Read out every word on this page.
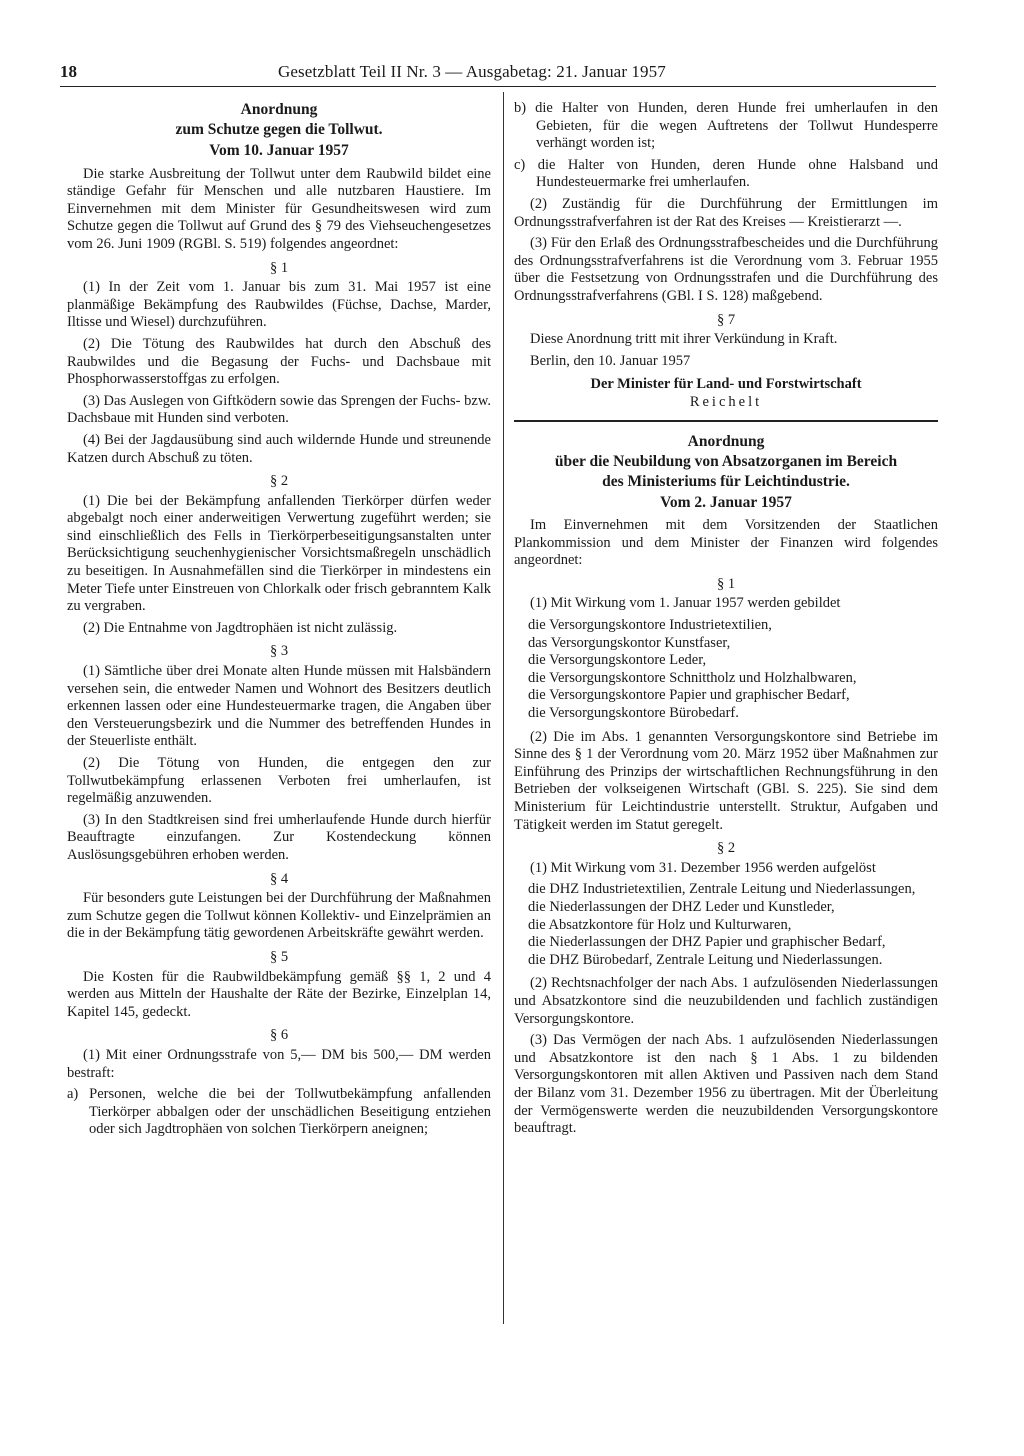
18	Gesetzblatt Teil II Nr. 3 — Ausgabetag: 21. Januar 1957
Anordnung
zum Schutze gegen die Tollwut.
Vom 10. Januar 1957

Die starke Ausbreitung der Tollwut unter dem Raubwild bildet eine ständige Gefahr für Menschen und alle nutzbaren Haustiere. Im Einvernehmen mit dem Minister für Gesundheitswesen wird zum Schutze gegen die Tollwut auf Grund des § 79 des Viehseuchengesetzes vom 26. Juni 1909 (RGBl. S. 519) folgendes angeordnet:

§ 1

(1) In der Zeit vom 1. Januar bis zum 31. Mai 1957 ist eine planmäßige Bekämpfung des Raubwildes (Füchse, Dachse, Marder, Iltisse und Wiesel) durchzuführen.

(2) Die Tötung des Raubwildes hat durch den Abschuß des Raubwildes und die Begasung der Fuchs- und Dachsbaue mit Phosphorwasserstoffgas zu erfolgen.

(3) Das Auslegen von Giftködern sowie das Sprengen der Fuchs- bzw. Dachsbaue mit Hunden sind verboten.

(4) Bei der Jagdausübung sind auch wildernde Hunde und streunende Katzen durch Abschuß zu töten.

§ 2

(1) Die bei der Bekämpfung anfallenden Tierkörper dürfen weder abgebalgt noch einer anderweitigen Verwertung zugeführt werden; sie sind einschließlich des Fells in Tierkörperbeseitigungsanstalten unter Berücksichtigung seuchenhygienischer Vorsichtsmaßregeln unschädlich zu beseitigen. In Ausnahmefällen sind die Tierkörper in mindestens ein Meter Tiefe unter Einstreuen von Chlorkalk oder frisch gebranntem Kalk zu vergraben.

(2) Die Entnahme von Jagdtrophäen ist nicht zulässig.

§ 3

(1) Sämtliche über drei Monate alten Hunde müssen mit Halsbändern versehen sein, die entweder Namen und Wohnort des Besitzers deutlich erkennen lassen oder eine Hundesteuermarke tragen, die Angaben über den Versteuerungsbezirk und die Nummer des betreffenden Hundes in der Steuerliste enthält.

(2) Die Tötung von Hunden, die entgegen den zur Tollwutbekämpfung erlassenen Verboten frei umherlaufen, ist regelmäßig anzuwenden.

(3) In den Stadtkreisen sind frei umherlaufende Hunde durch hierfür Beauftragte einzufangen. Zur Kostendeckung können Auslösungsgebühren erhoben werden.

§ 4

Für besonders gute Leistungen bei der Durchführung der Maßnahmen zum Schutze gegen die Tollwut können Kollektiv- und Einzelprämien an die in der Bekämpfung tätig gewordenen Arbeitskräfte gewährt werden.

§ 5

Die Kosten für die Raubwildbekämpfung gemäß §§ 1, 2 und 4 werden aus Mitteln der Haushalte der Räte der Bezirke, Einzelplan 14, Kapitel 145, gedeckt.

§ 6

(1) Mit einer Ordnungsstrafe von 5,— DM bis 500,— DM werden bestraft:

a) Personen, welche die bei der Tollwutbekämpfung anfallenden Tierkörper abbalgen oder der unschädlichen Beseitigung entziehen oder sich Jagdtrophäen von solchen Tierkörpern aneignen;

b) die Halter von Hunden, deren Hunde frei umherlaufen in den Gebieten, für die wegen Auftretens der Tollwut Hundesperre verhängt worden ist;

c) die Halter von Hunden, deren Hunde ohne Halsband und Hundesteuermarke frei umherlaufen.

(2) Zuständig für die Durchführung der Ermittlungen im Ordnungsstrafverfahren ist der Rat des Kreises — Kreistierarzt —.

(3) Für den Erlaß des Ordnungsstrafbescheides und die Durchführung des Ordnungsstrafverfahrens ist die Verordnung vom 3. Februar 1955 über die Festsetzung von Ordnungsstrafen und die Durchführung des Ordnungsstrafverfahrens (GBl. I S. 128) maßgebend.

§ 7

Diese Anordnung tritt mit ihrer Verkündung in Kraft.

Berlin, den 10. Januar 1957

Der Minister für Land- und Forstwirtschaft
Reichelt
Anordnung
über die Neubildung von Absatzorganen im Bereich
des Ministeriums für Leichtindustrie.
Vom 2. Januar 1957

Im Einvernehmen mit dem Vorsitzenden der Staatlichen Plankommission und dem Minister der Finanzen wird folgendes angeordnet:

§ 1

(1) Mit Wirkung vom 1. Januar 1957 werden gebildet

die Versorgungskontore Industrietextilien,
das Versorgungskontor Kunstfaser,
die Versorgungskontore Leder,
die Versorgungskontore Schnittholz und Holzhalbwaren,
die Versorgungskontore Papier und graphischer Bedarf,
die Versorgungskontore Bürobedarf.

(2) Die im Abs. 1 genannten Versorgungskontore sind Betriebe im Sinne des § 1 der Verordnung vom 20. März 1952 über Maßnahmen zur Einführung des Prinzips der wirtschaftlichen Rechnungsführung in den Betrieben der volkseigenen Wirtschaft (GBl. S. 225). Sie sind dem Ministerium für Leichtindustrie unterstellt. Struktur, Aufgaben und Tätigkeit werden im Statut geregelt.

§ 2

(1) Mit Wirkung vom 31. Dezember 1956 werden aufgelöst

die DHZ Industrietextilien, Zentrale Leitung und Niederlassungen,
die Niederlassungen der DHZ Leder und Kunstleder,
die Absatzkontore für Holz und Kulturwaren,
die Niederlassungen der DHZ Papier und graphischer Bedarf,
die DHZ Bürobedarf, Zentrale Leitung und Niederlassungen.

(2) Rechtsnachfolger der nach Abs. 1 aufzulösenden Niederlassungen und Absatzkontore sind die neuzubildenden und fachlich zuständigen Versorgungskontore.

(3) Das Vermögen der nach Abs. 1 aufzulösenden Niederlassungen und Absatzkontore ist den nach § 1 Abs. 1 zu bildenden Versorgungskontoren mit allen Aktiven und Passiven nach dem Stand der Bilanz vom 31. Dezember 1956 zu übertragen. Mit der Überleitung der Vermögenswerte werden die neuzubildenden Versorgungskontore beauftragt.
